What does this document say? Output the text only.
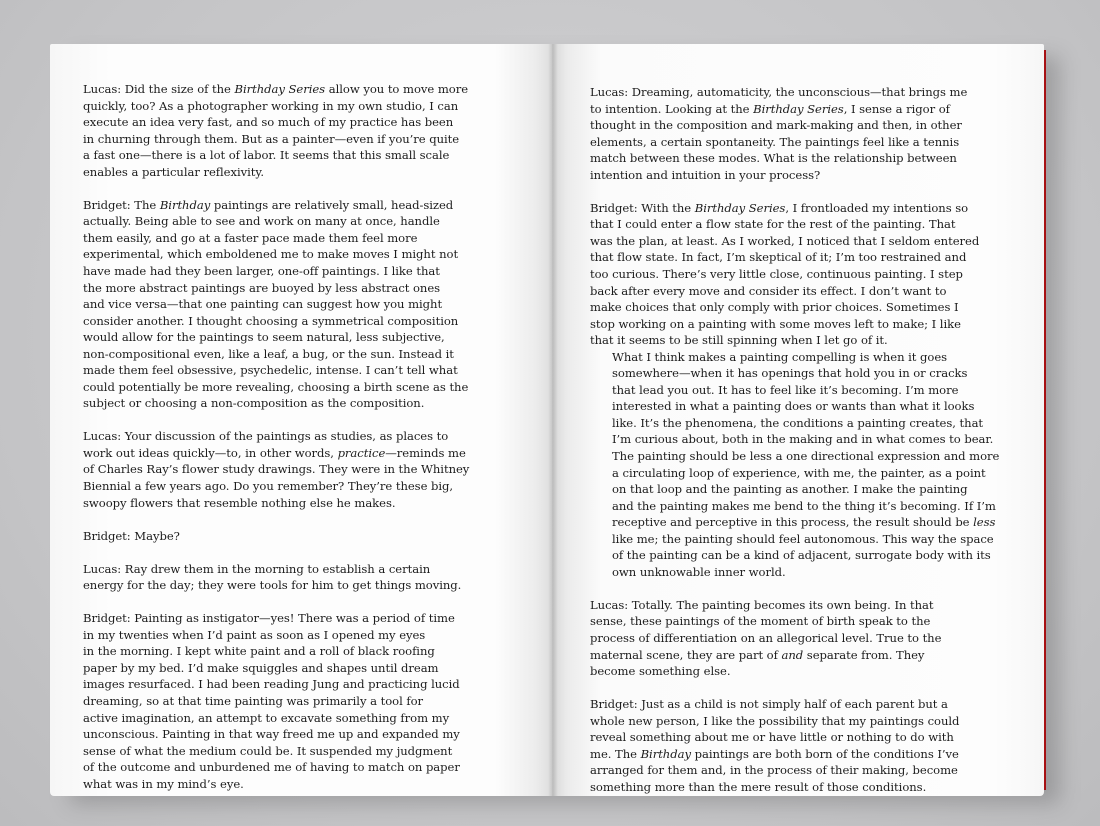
Lucas: Did the size of the Birthday Series allow you to move more
quickly, too? As a photographer working in my own studio, I can
execute an idea very fast, and so much of my practice has been
in churning through them. But as a painter—even if you’re quite
a fast one—there is a lot of labor. It seems that this small scale
enables a particular reflexivity.
Bridget: The Birthday paintings are relatively small, head-sized
actually. Being able to see and work on many at once, handle
them easily, and go at a faster pace made them feel more
experimental, which emboldened me to make moves I might not
have made had they been larger, one-off paintings. I like that
the more abstract paintings are buoyed by less abstract ones
and vice versa—that one painting can suggest how you might
consider another. I thought choosing a symmetrical composition
would allow for the paintings to seem natural, less subjective,
non-compositional even, like a leaf, a bug, or the sun. Instead it
made them feel obsessive, psychedelic, intense. I can’t tell what
could potentially be more revealing, choosing a birth scene as the
subject or choosing a non-composition as the composition.
Lucas: Your discussion of the paintings as studies, as places to
work out ideas quickly—to, in other words, practice—reminds me
of Charles Ray’s flower study drawings. They were in the Whitney
Biennial a few years ago. Do you remember? They’re these big,
swoopy flowers that resemble nothing else he makes.
Bridget: Maybe?
Lucas: Ray drew them in the morning to establish a certain
energy for the day; they were tools for him to get things moving.
Bridget: Painting as instigator—yes! There was a period of time
in my twenties when I’d paint as soon as I opened my eyes
in the morning. I kept white paint and a roll of black roofing
paper by my bed. I’d make squiggles and shapes until dream
images resurfaced. I had been reading Jung and practicing lucid
dreaming, so at that time painting was primarily a tool for
active imagination, an attempt to excavate something from my
unconscious. Painting in that way freed me up and expanded my
sense of what the medium could be. It suspended my judgment
of the outcome and unburdened me of having to match on paper
what was in my mind’s eye.
Lucas: Dreaming, automaticity, the unconscious—that brings me
to intention. Looking at the Birthday Series, I sense a rigor of
thought in the composition and mark-making and then, in other
elements, a certain spontaneity. The paintings feel like a tennis
match between these modes. What is the relationship between
intention and intuition in your process?
Bridget: With the Birthday Series, I frontloaded my intentions so
that I could enter a flow state for the rest of the painting. That
was the plan, at least. As I worked, I noticed that I seldom entered
that flow state. In fact, I’m skeptical of it; I’m too restrained and
too curious. There’s very little close, continuous painting. I step
back after every move and consider its effect. I don’t want to
make choices that only comply with prior choices. Sometimes I
stop working on a painting with some moves left to make; I like
that it seems to be still spinning when I let go of it.
What I think makes a painting compelling is when it goes
somewhere—when it has openings that hold you in or cracks
that lead you out. It has to feel like it’s becoming. I’m more
interested in what a painting does or wants than what it looks
like. It’s the phenomena, the conditions a painting creates, that
I’m curious about, both in the making and in what comes to bear.
The painting should be less a one directional expression and more
a circulating loop of experience, with me, the painter, as a point
on that loop and the painting as another. I make the painting
and the painting makes me bend to the thing it’s becoming. If I’m
receptive and perceptive in this process, the result should be less
like me; the painting should feel autonomous. This way the space
of the painting can be a kind of adjacent, surrogate body with its
own unknowable inner world.
Lucas: Totally. The painting becomes its own being. In that
sense, these paintings of the moment of birth speak to the
process of differentiation on an allegorical level. True to the
maternal scene, they are part of and separate from. They
become something else.
Bridget: Just as a child is not simply half of each parent but a
whole new person, I like the possibility that my paintings could
reveal something about me or have little or nothing to do with
me. The Birthday paintings are both born of the conditions I’ve
arranged for them and, in the process of their making, become
something more than the mere result of those conditions.
